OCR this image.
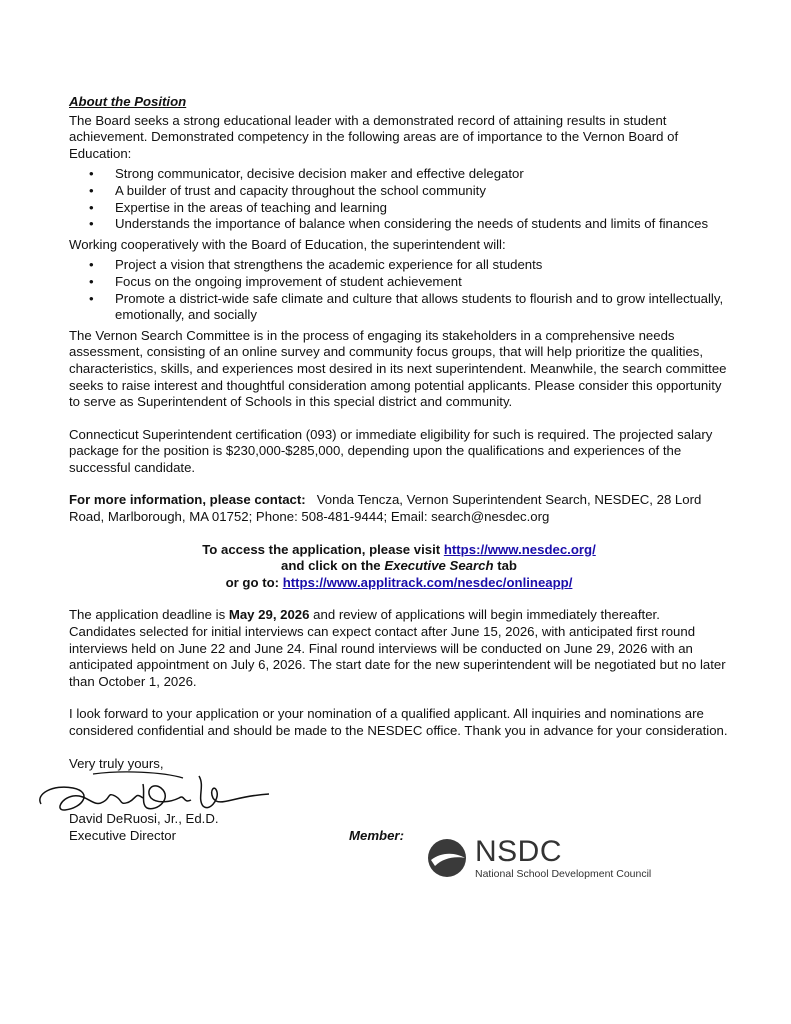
About the Position

The Board seeks a strong educational leader with a demonstrated record of attaining results in student achievement. Demonstrated competency in the following areas are of importance to the Vernon Board of Education:

• Strong communicator, decisive decision maker and effective delegator
• A builder of trust and capacity throughout the school community
• Expertise in the areas of teaching and learning
• Understands the importance of balance when considering the needs of students and limits of finances

Working cooperatively with the Board of Education, the superintendent will:

• Project a vision that strengthens the academic experience for all students
• Focus on the ongoing improvement of student achievement
• Promote a district-wide safe climate and culture that allows students to flourish and to grow intellectually, emotionally, and socially

The Vernon Search Committee is in the process of engaging its stakeholders in a comprehensive needs assessment, consisting of an online survey and community focus groups, that will help prioritize the qualities, characteristics, skills, and experiences most desired in its next superintendent. Meanwhile, the search committee seeks to raise interest and thoughtful consideration among potential applicants. Please consider this opportunity to serve as Superintendent of Schools in this special district and community.

Connecticut Superintendent certification (093) or immediate eligibility for such is required. The projected salary package for the position is $230,000-$285,000, depending upon the qualifications and experiences of the successful candidate.

For more information, please contact: Vonda Tencza, Vernon Superintendent Search, NESDEC, 28 Lord Road, Marlborough, MA 01752; Phone: 508-481-9444; Email: search@nesdec.org

To access the application, please visit https://www.nesdec.org/
and click on the Executive Search tab
or go to: https://www.applitrack.com/nesdec/onlineapp/

The application deadline is May 29, 2026 and review of applications will begin immediately thereafter. Candidates selected for initial interviews can expect contact after June 15, 2026, with anticipated first round interviews held on June 22 and June 24. Final round interviews will be conducted on June 29, 2026 with an anticipated appointment on July 6, 2026. The start date for the new superintendent will be negotiated but no later than October 1, 2026.

I look forward to your application or your nomination of a qualified applicant. All inquiries and nominations are considered confidential and should be made to the NESDEC office. Thank you in advance for your consideration.

Very truly yours,
David DeRuosi, Jr., Ed.D.
Executive Director	Member: NSDC
National School Development Council
